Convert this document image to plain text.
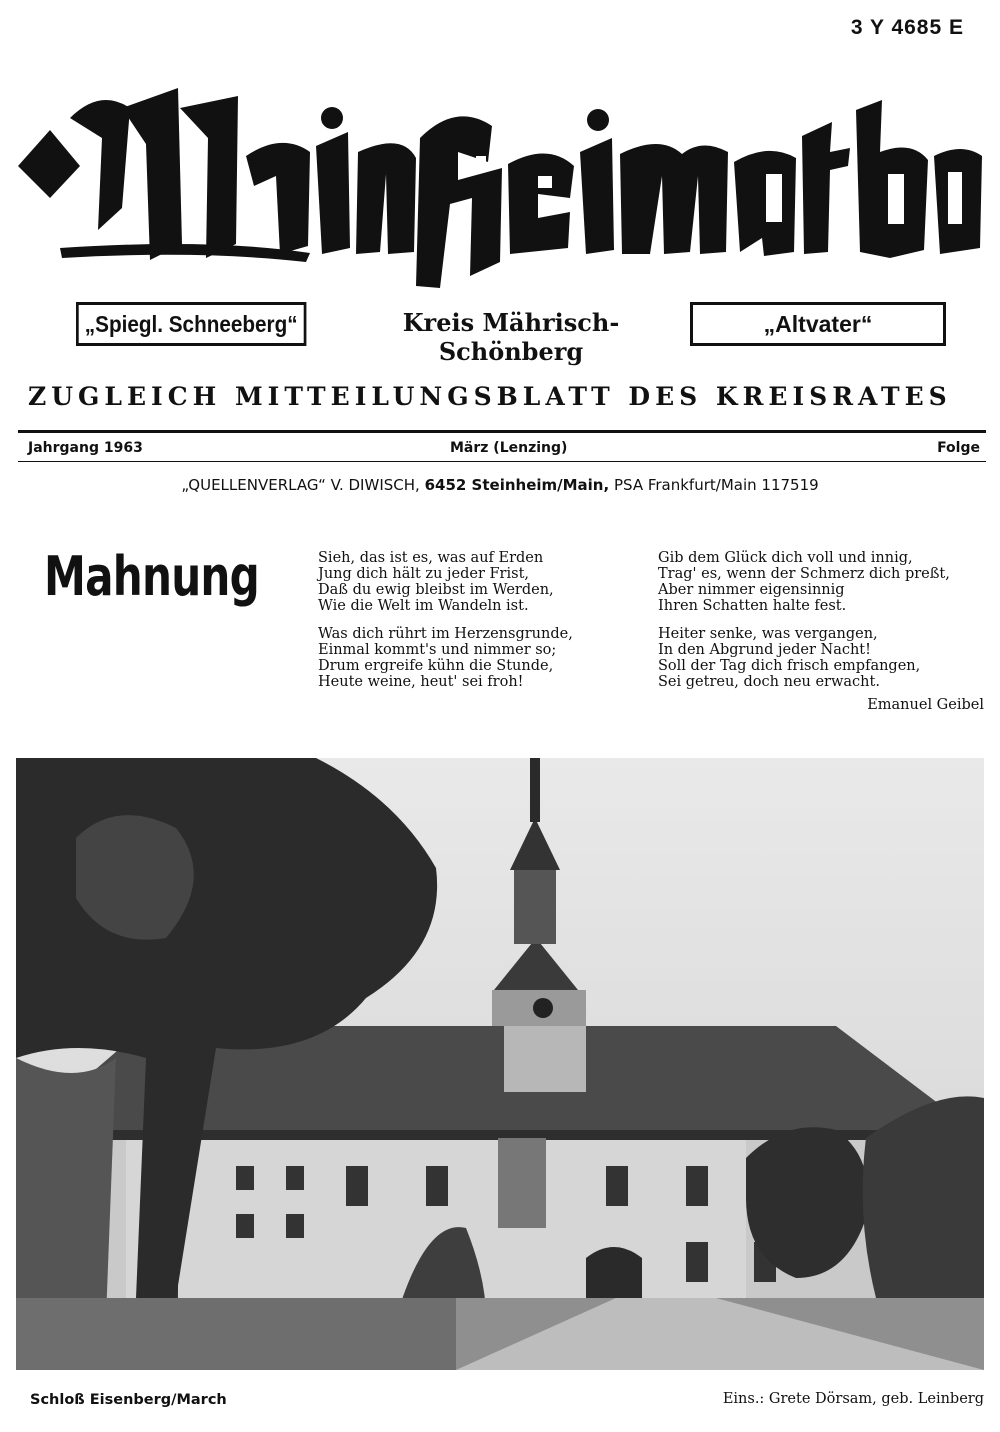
3 Y 4685 E
„Spiegl. Schneeberg“	Kreis Mährisch-Schönberg
„Altvater“
ZUGLEICH MITTEILUNGSBLATT DES KREISRATES
Jahrgang 1963	März (Lenzing)	Folge
„QUELLENVERLAG“ V. DIWISCH, 6452 Steinheim/Main, PSA Frankfurt/Main 117519
Mahnung	Sieh, das ist es, was auf Erden
Jung dich hält zu jeder Frist,
Daß du ewig bleibst im Werden,
Wie die Welt im Wandeln ist.
Was dich rührt im Herzensgrunde,
Einmal kommt's und nimmer so;
Drum ergreife kühn die Stunde,
Heute weine, heut' sei froh!
Gib dem Glück dich voll und innig,
Trag' es, wenn der Schmerz dich preßt,
Aber nimmer eigensinnig
Ihren Schatten halte fest.
Heiter senke, was vergangen,
In den Abgrund jeder Nacht!
Soll der Tag dich frisch empfangen,
Sei getreu, doch neu erwacht.
Emanuel Geibel
Schloß Eisenberg/March	Eins.: Grete Dörsam, geb. Leinberg
